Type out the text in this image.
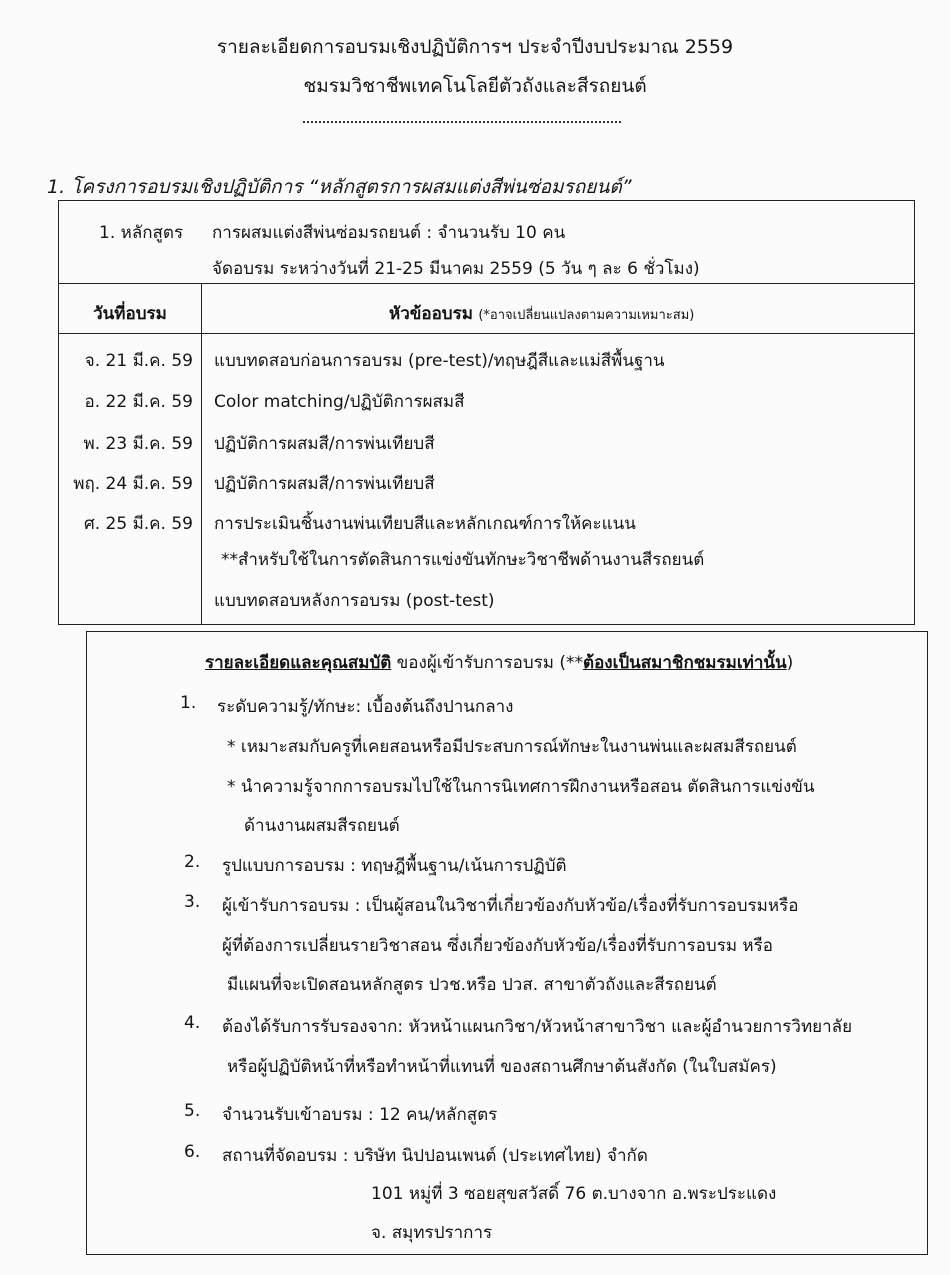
รายละเอียดการอบรมเชิงปฏิบัติการฯ ประจำปีงบประมาณ 2559
ชมรมวิชาชีพเทคโนโลยีตัวถังและสีรถยนต์
1. โครงการอบรมเชิงปฏิบัติการ “หลักสูตรการผสมแต่งสีพ่นซ่อมรถยนต์”
1. หลักสูตร การผสมแต่งสีพ่นซ่อมรถยนต์ : จำนวนรับ 10 คน
จัดอบรม ระหว่างวันที่ 21-25 มีนาคม 2559 (5 วัน ๆ ละ 6 ชั่วโมง)
วันที่อบรม	หัวข้ออบรม (*อาจเปลี่ยนแปลงตามความเหมาะสม)
จ. 21 มี.ค. 59 แบบทดสอบก่อนการอบรม (pre-test)/ทฤษฎีสีและแม่สีพื้นฐาน
อ. 22 มี.ค. 59 Color matching/ปฏิบัติการผสมสี
พ. 23 มี.ค. 59 ปฏิบัติการผสมสี/การพ่นเทียบสี
พฤ. 24 มี.ค. 59 ปฏิบัติการผสมสี/การพ่นเทียบสี
ศ. 25 มี.ค. 59 การประเมินชิ้นงานพ่นเทียบสีและหลักเกณฑ์การให้คะแนน
**สำหรับใช้ในการตัดสินการแข่งขันทักษะวิชาชีพด้านงานสีรถยนต์
แบบทดสอบหลังการอบรม (post-test)
รายละเอียดและคุณสมบัติ ของผู้เข้ารับการอบรม (**ต้องเป็นสมาชิกชมรมเท่านั้น)
1. ระดับความรู้/ทักษะ: เบื้องต้นถึงปานกลาง
* เหมาะสมกับครูที่เคยสอนหรือมีประสบการณ์ทักษะในงานพ่นและผสมสีรถยนต์
* นำความรู้จากการอบรมไปใช้ในการนิเทศการฝึกงานหรือสอน ตัดสินการแข่งขัน
ด้านงานผสมสีรถยนต์
2. รูปแบบการอบรม : ทฤษฎีพื้นฐาน/เน้นการปฏิบัติ
3. ผู้เข้ารับการอบรม : เป็นผู้สอนในวิชาที่เกี่ยวข้องกับหัวข้อ/เรื่องที่รับการอบรมหรือ
ผู้ที่ต้องการเปลี่ยนรายวิชาสอน ซึ่งเกี่ยวข้องกับหัวข้อ/เรื่องที่รับการอบรม หรือ
มีแผนที่จะเปิดสอนหลักสูตร ปวช.หรือ ปวส. สาขาตัวถังและสีรถยนต์
4. ต้องได้รับการรับรองจาก: หัวหน้าแผนกวิชา/หัวหน้าสาขาวิชา และผู้อำนวยการวิทยาลัย
หรือผู้ปฏิบัติหน้าที่หรือทำหน้าที่แทนที่ ของสถานศึกษาต้นสังกัด (ในใบสมัคร)
5. จำนวนรับเข้าอบรม : 12 คน/หลักสูตร
6. สถานที่จัดอบรม : บริษัท นิปปอนเพนต์ (ประเทศไทย) จำกัด
101 หมู่ที่ 3 ซอยสุขสวัสดิ์ 76 ต.บางจาก อ.พระประแดง
จ. สมุทรปราการ
